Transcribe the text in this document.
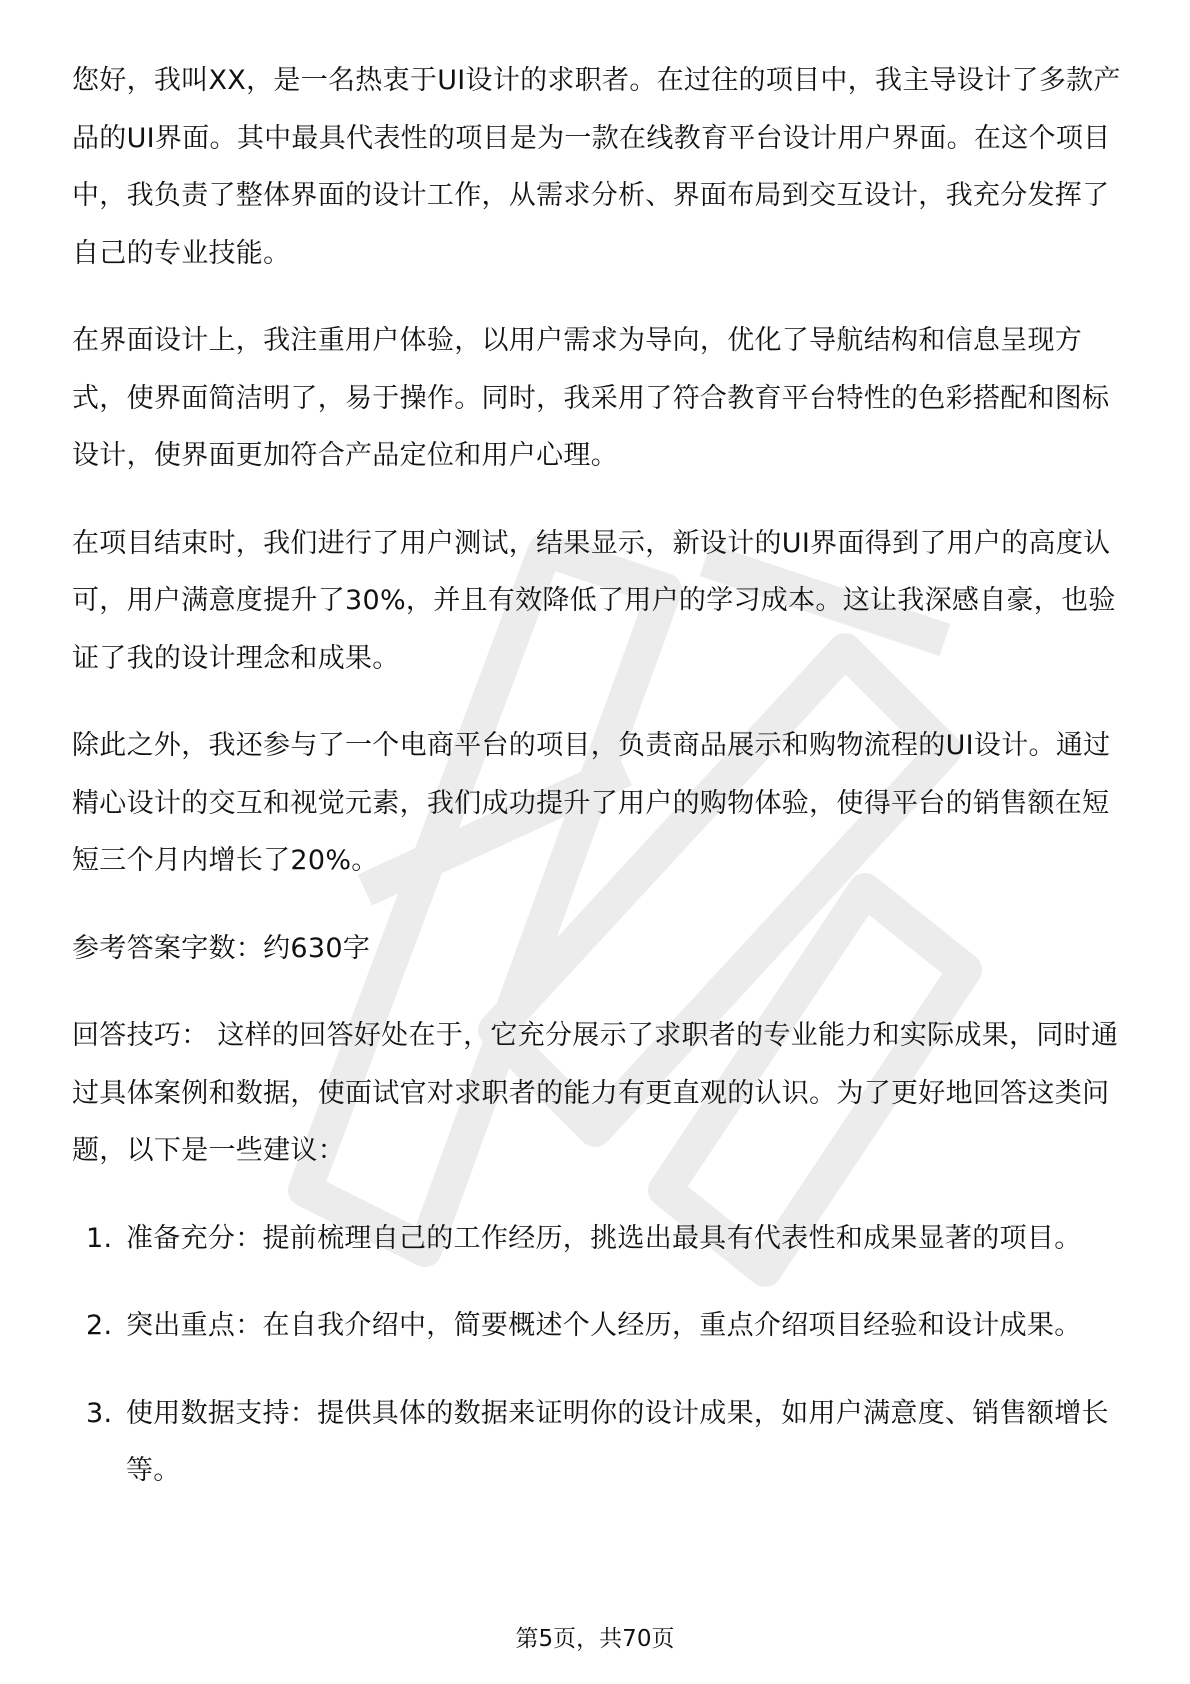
您好，我叫XX，是一名热衷于UI设计的求职者。在过往的项目中，我主导设计了多款产品的UI界面。其中最具代表性的项目是为一款在线教育平台设计用户界面。在这个项目中，我负责了整体界面的设计工作，从需求分析、界面布局到交互设计，我充分发挥了自己的专业技能。

在界面设计上，我注重用户体验，以用户需求为导向，优化了导航结构和信息呈现方式，使界面简洁明了，易于操作。同时，我采用了符合教育平台特性的色彩搭配和图标设计，使界面更加符合产品定位和用户心理。

在项目结束时，我们进行了用户测试，结果显示，新设计的UI界面得到了用户的高度认可，用户满意度提升了30%，并且有效降低了用户的学习成本。这让我深感自豪，也验证了我的设计理念和成果。

除此之外，我还参与了一个电商平台的项目，负责商品展示和购物流程的UI设计。通过精心设计的交互和视觉元素，我们成功提升了用户的购物体验，使得平台的销售额在短短三个月内增长了20%。

参考答案字数：约630字

回答技巧： 这样的回答好处在于，它充分展示了求职者的专业能力和实际成果，同时通过具体案例和数据，使面试官对求职者的能力有更直观的认识。为了更好地回答这类问题，以下是一些建议：

1. 准备充分：提前梳理自己的工作经历，挑选出最具有代表性和成果显著的项目。
2. 突出重点：在自我介绍中，简要概述个人经历，重点介绍项目经验和设计成果。
3. 使用数据支持：提供具体的数据来证明你的设计成果，如用户满意度、销售额增长等。
第5页，共70页
